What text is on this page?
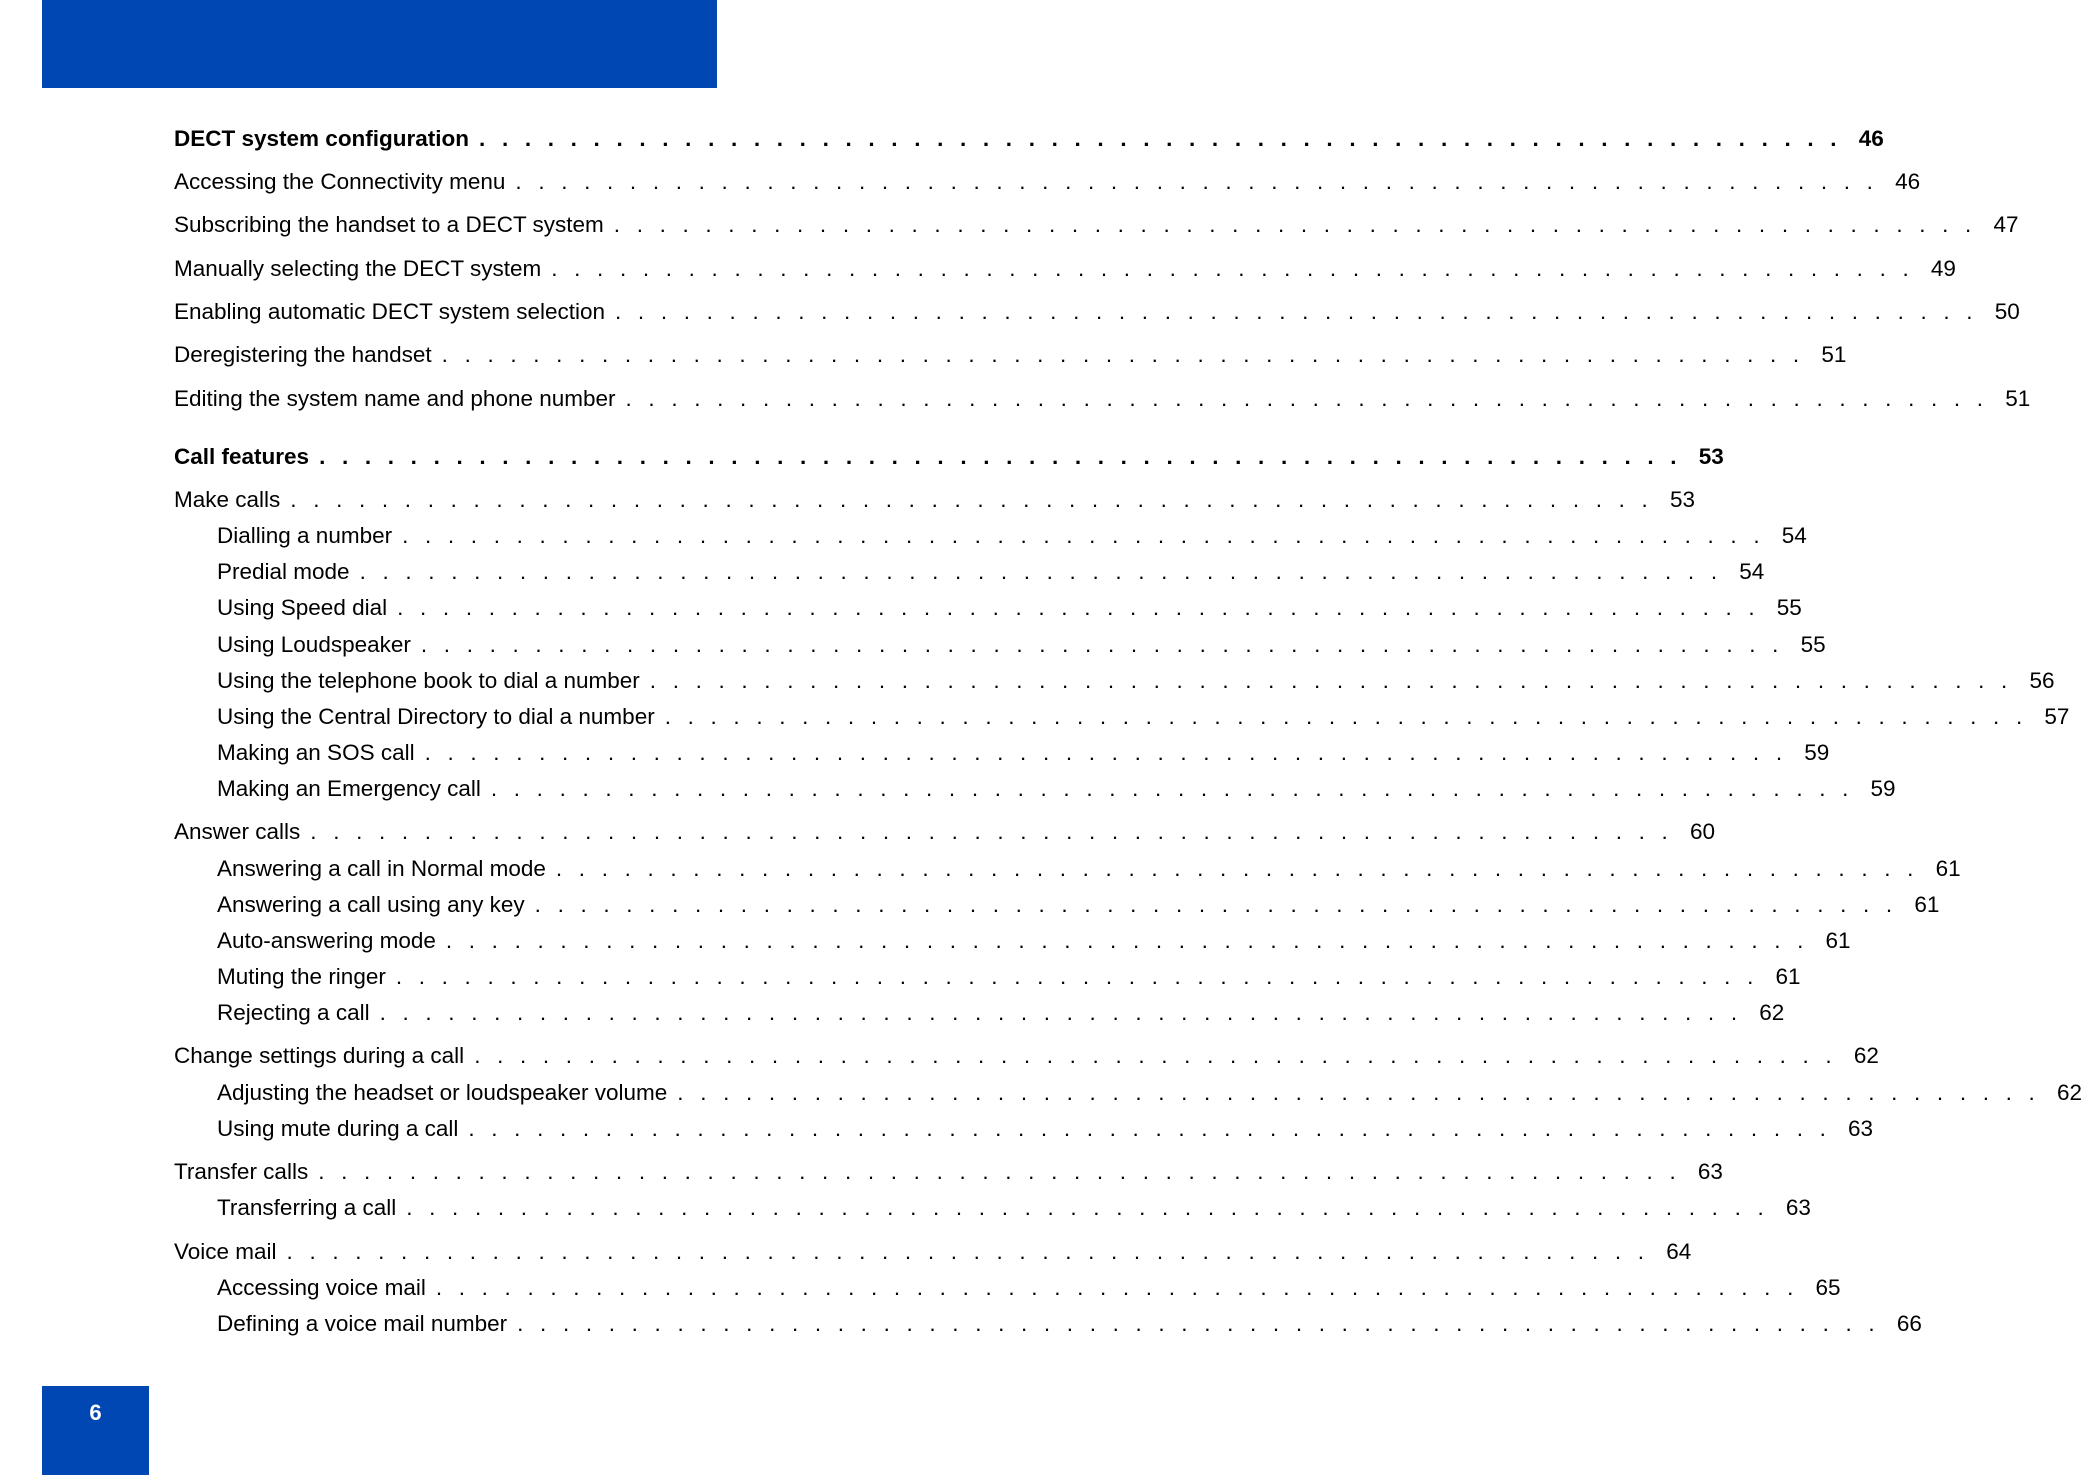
DECT system configuration . . . . . . . . . . . . . . . . . . . . . . . . . . . . . . . . . . . . . . . . . . . . . . . . . . . . . . . . . . . . 46
Accessing the Connectivity menu . . . . . . . . . . . . . . . . . . . . . . . . . . . . . . . . . . . . . . . . . . . . . . . . . . . . . . . . . . . . 46
Subscribing the handset to a DECT system . . . . . . . . . . . . . . . . . . . . . . . . . . . . . . . . . . . . . . . . . . . . . . . . . . . . . . . . . . . . 47
Manually selecting the DECT system . . . . . . . . . . . . . . . . . . . . . . . . . . . . . . . . . . . . . . . . . . . . . . . . . . . . . . . . . . . . 49
Enabling automatic DECT system selection . . . . . . . . . . . . . . . . . . . . . . . . . . . . . . . . . . . . . . . . . . . . . . . . . . . . . . . . . . . . 50
Deregistering the handset . . . . . . . . . . . . . . . . . . . . . . . . . . . . . . . . . . . . . . . . . . . . . . . . . . . . . . . . . . . . 51
Editing the system name and phone number . . . . . . . . . . . . . . . . . . . . . . . . . . . . . . . . . . . . . . . . . . . . . . . . . . . . . . . . . . . . 51
Call features . . . . . . . . . . . . . . . . . . . . . . . . . . . . . . . . . . . . . . . . . . . . . . . . . . . . . . . . . . . . 53
Make calls . . . . . . . . . . . . . . . . . . . . . . . . . . . . . . . . . . . . . . . . . . . . . . . . . . . . . . . . . . . . 53
Dialling a number . . . . . . . . . . . . . . . . . . . . . . . . . . . . . . . . . . . . . . . . . . . . . . . . . . . . . . . . . . . . 54
Predial mode . . . . . . . . . . . . . . . . . . . . . . . . . . . . . . . . . . . . . . . . . . . . . . . . . . . . . . . . . . . . 54
Using Speed dial . . . . . . . . . . . . . . . . . . . . . . . . . . . . . . . . . . . . . . . . . . . . . . . . . . . . . . . . . . . . 55
Using Loudspeaker . . . . . . . . . . . . . . . . . . . . . . . . . . . . . . . . . . . . . . . . . . . . . . . . . . . . . . . . . . . . 55
Using the telephone book to dial a number . . . . . . . . . . . . . . . . . . . . . . . . . . . . . . . . . . . . . . . . . . . . . . . . . . . . . . . . . . . . 56
Using the Central Directory to dial a number . . . . . . . . . . . . . . . . . . . . . . . . . . . . . . . . . . . . . . . . . . . . . . . . . . . . . . . . . . . . 57
Making an SOS call . . . . . . . . . . . . . . . . . . . . . . . . . . . . . . . . . . . . . . . . . . . . . . . . . . . . . . . . . . . . 59
Making an Emergency call . . . . . . . . . . . . . . . . . . . . . . . . . . . . . . . . . . . . . . . . . . . . . . . . . . . . . . . . . . . . 59
Answer calls . . . . . . . . . . . . . . . . . . . . . . . . . . . . . . . . . . . . . . . . . . . . . . . . . . . . . . . . . . . . 60
Answering a call in Normal mode . . . . . . . . . . . . . . . . . . . . . . . . . . . . . . . . . . . . . . . . . . . . . . . . . . . . . . . . . . . . 61
Answering a call using any key . . . . . . . . . . . . . . . . . . . . . . . . . . . . . . . . . . . . . . . . . . . . . . . . . . . . . . . . . . . . 61
Auto-answering mode . . . . . . . . . . . . . . . . . . . . . . . . . . . . . . . . . . . . . . . . . . . . . . . . . . . . . . . . . . . . 61
Muting the ringer . . . . . . . . . . . . . . . . . . . . . . . . . . . . . . . . . . . . . . . . . . . . . . . . . . . . . . . . . . . . 61
Rejecting a call . . . . . . . . . . . . . . . . . . . . . . . . . . . . . . . . . . . . . . . . . . . . . . . . . . . . . . . . . . . . 62
Change settings during a call . . . . . . . . . . . . . . . . . . . . . . . . . . . . . . . . . . . . . . . . . . . . . . . . . . . . . . . . . . . . 62
Adjusting the headset or loudspeaker volume . . . . . . . . . . . . . . . . . . . . . . . . . . . . . . . . . . . . . . . . . . . . . . . . . . . . . . . . . . . . 62
Using mute during a call . . . . . . . . . . . . . . . . . . . . . . . . . . . . . . . . . . . . . . . . . . . . . . . . . . . . . . . . . . . . 63
Transfer calls . . . . . . . . . . . . . . . . . . . . . . . . . . . . . . . . . . . . . . . . . . . . . . . . . . . . . . . . . . . . 63
Transferring a call . . . . . . . . . . . . . . . . . . . . . . . . . . . . . . . . . . . . . . . . . . . . . . . . . . . . . . . . . . . . 63
Voice mail . . . . . . . . . . . . . . . . . . . . . . . . . . . . . . . . . . . . . . . . . . . . . . . . . . . . . . . . . . . . 64
Accessing voice mail . . . . . . . . . . . . . . . . . . . . . . . . . . . . . . . . . . . . . . . . . . . . . . . . . . . . . . . . . . . . 65
Defining a voice mail number . . . . . . . . . . . . . . . . . . . . . . . . . . . . . . . . . . . . . . . . . . . . . . . . . . . . . . . . . . . . 66
6
